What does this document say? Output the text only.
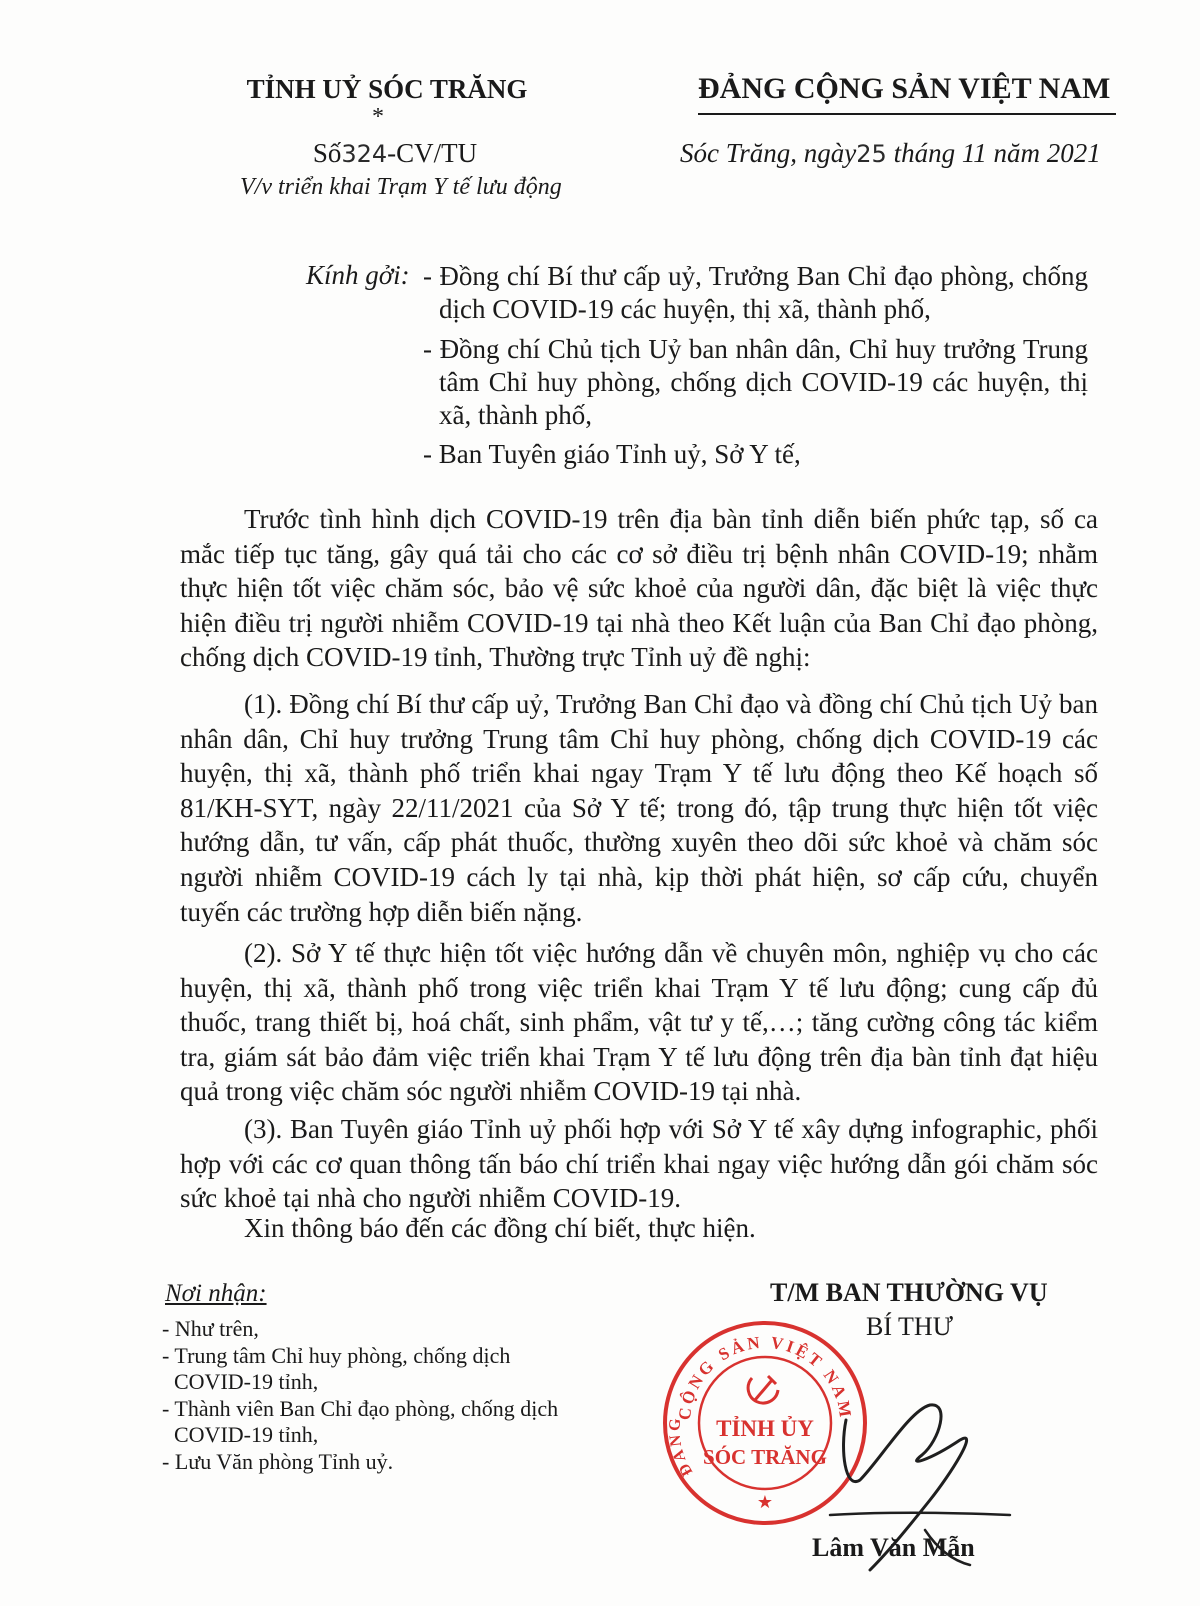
TỈNH UỶ SÓC TRĂNG
*
Số324-CV/TU
V/v triển khai Trạm Y tế lưu động
ĐẢNG CỘNG SẢN VIỆT NAM
Sóc Trăng, ngày25 tháng 11 năm 2021
Kính gởi: - Đồng chí Bí thư cấp uỷ, Trưởng Ban Chỉ đạo phòng, chống dịch COVID-19 các huyện, thị xã, thành phố,
- Đồng chí Chủ tịch Uỷ ban nhân dân, Chỉ huy trưởng Trung tâm Chỉ huy phòng, chống dịch COVID-19 các huyện, thị xã, thành phố,
- Ban Tuyên giáo Tỉnh uỷ, Sở Y tế,

Trước tình hình dịch COVID-19 trên địa bàn tỉnh diễn biến phức tạp, số ca mắc tiếp tục tăng, gây quá tải cho các cơ sở điều trị bệnh nhân COVID-19; nhằm thực hiện tốt việc chăm sóc, bảo vệ sức khoẻ của người dân, đặc biệt là việc thực hiện điều trị người nhiễm COVID-19 tại nhà theo Kết luận của Ban Chỉ đạo phòng, chống dịch COVID-19 tỉnh, Thường trực Tỉnh uỷ đề nghị:

(1). Đồng chí Bí thư cấp uỷ, Trưởng Ban Chỉ đạo và đồng chí Chủ tịch Uỷ ban nhân dân, Chỉ huy trưởng Trung tâm Chỉ huy phòng, chống dịch COVID-19 các huyện, thị xã, thành phố triển khai ngay Trạm Y tế lưu động theo Kế hoạch số 81/KH-SYT, ngày 22/11/2021 của Sở Y tế; trong đó, tập trung thực hiện tốt việc hướng dẫn, tư vấn, cấp phát thuốc, thường xuyên theo dõi sức khoẻ và chăm sóc người nhiễm COVID-19 cách ly tại nhà, kịp thời phát hiện, sơ cấp cứu, chuyển tuyến các trường hợp diễn biến nặng.

(2). Sở Y tế thực hiện tốt việc hướng dẫn về chuyên môn, nghiệp vụ cho các huyện, thị xã, thành phố trong việc triển khai Trạm Y tế lưu động; cung cấp đủ thuốc, trang thiết bị, hoá chất, sinh phẩm, vật tư y tế,…; tăng cường công tác kiểm tra, giám sát bảo đảm việc triển khai Trạm Y tế lưu động trên địa bàn tỉnh đạt hiệu quả trong việc chăm sóc người nhiễm COVID-19 tại nhà.

(3). Ban Tuyên giáo Tỉnh uỷ phối hợp với Sở Y tế xây dựng infographic, phối hợp với các cơ quan thông tấn báo chí triển khai ngay việc hướng dẫn gói chăm sóc sức khoẻ tại nhà cho người nhiễm COVID-19.

Xin thông báo đến các đồng chí biết, thực hiện.

Nơi nhận:
- Như trên,
- Trung tâm Chỉ huy phòng, chống dịch COVID-19 tỉnh,
- Thành viên Ban Chỉ đạo phòng, chống dịch COVID-19 tỉnh,
- Lưu Văn phòng Tỉnh uỷ.
T/M BAN THƯỜNG VỤ
BÍ THƯ
CỘNG SẢN VIỆT NAM
ĐẢNG	TỈNH ỦY
SÓC TRĂNG
★
Lâm Văn Mẫn
